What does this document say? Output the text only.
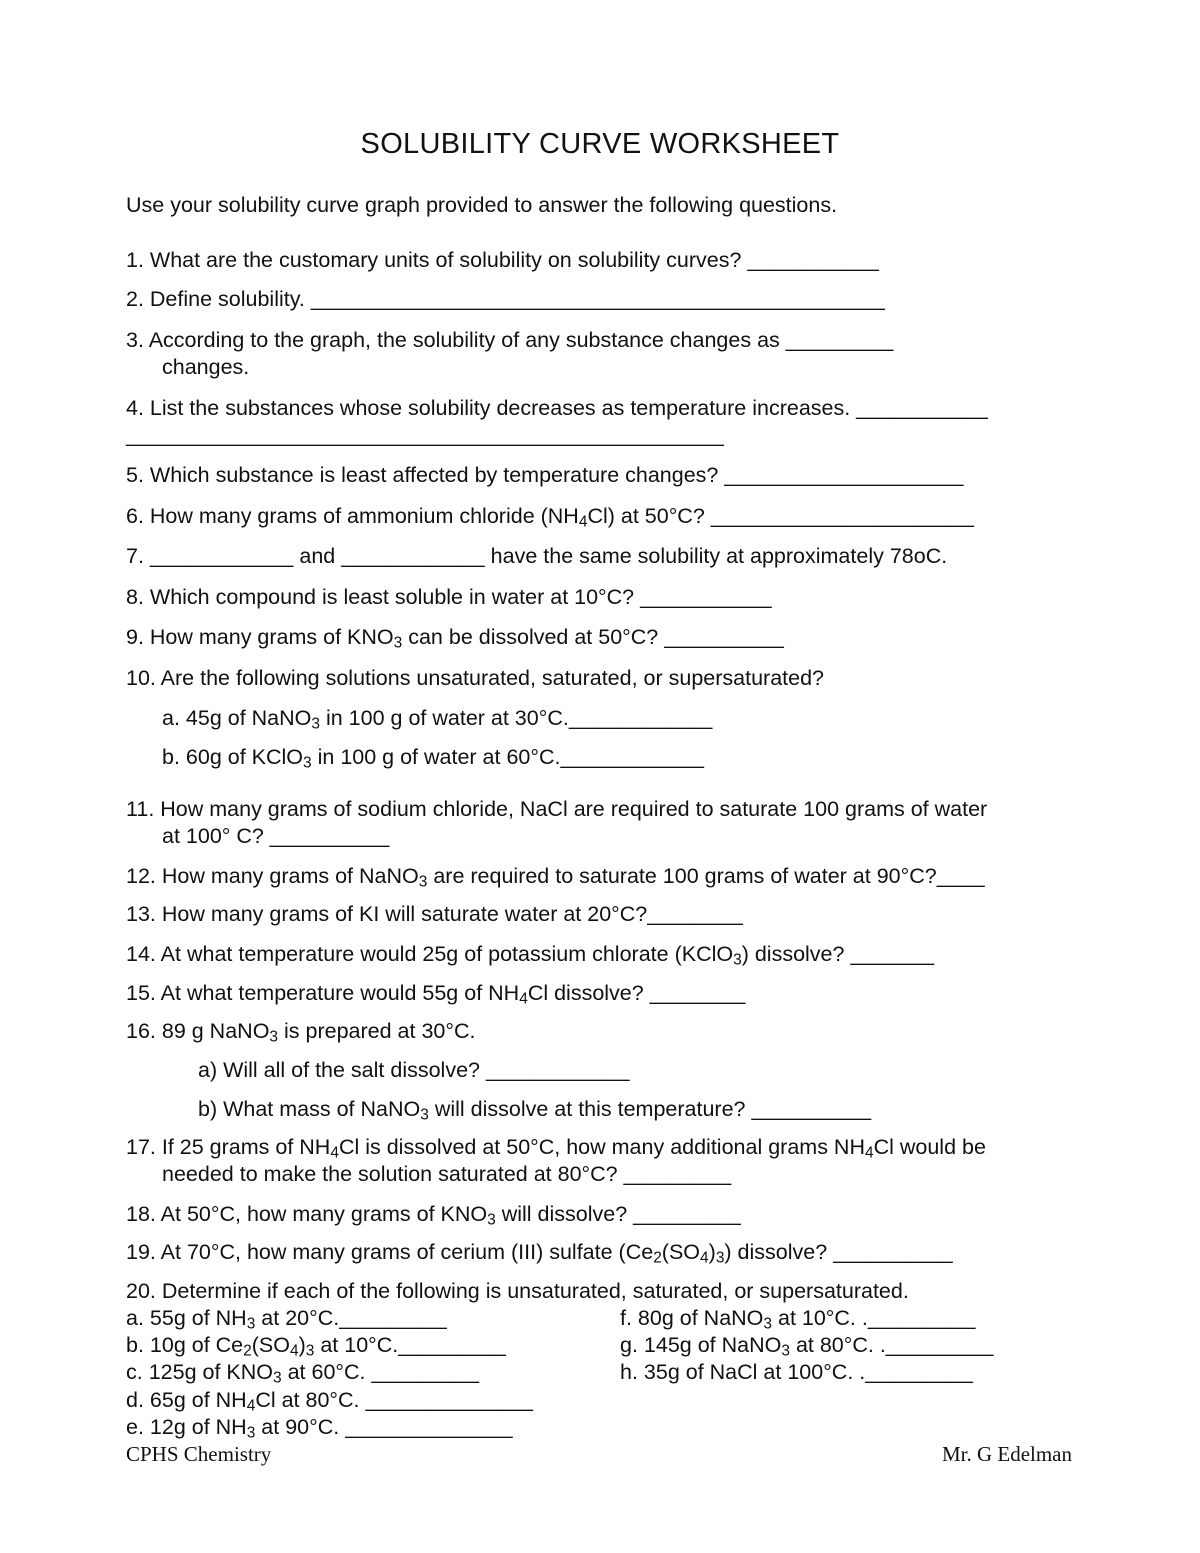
SOLUBILITY CURVE WORKSHEET
Use your solubility curve graph provided to answer the following questions.
1. What are the customary units of solubility on solubility curves? ___________
2. Define solubility. ________________________________________________
3. According to the graph, the solubility of any substance changes as _________
changes.
4. List the substances whose solubility decreases as temperature increases. ___________
__________________________________________________
5. Which substance is least affected by temperature changes? ____________________
6. How many grams of ammonium chloride $(NH_4Cl)$ at 50°C? ______________________
7. ____________ and ____________ have the same solubility at approximately 78oC.
8. Which compound is least soluble in water at 10°C? ___________
9. How many grams of $KNO_3$ can be dissolved at 50°C? __________
10. Are the following solutions unsaturated, saturated, or supersaturated?
a. 45g of NaNO$_3$ in 100 g of water at 30°C.____________
b. 60g of KClO$_3$ in 100 g of water at 60°C.____________
11. How many grams of sodium chloride, NaCl are required to saturate 100 grams of water
at 100° C? __________
12. How many grams of NaNO$_3$ are required to saturate 100 grams of water at 90°C?____
13. How many grams of KI will saturate water at 20°C?________
14. At what temperature would 25g of potassium chlorate (KClO$_3$) dissolve? _______
15. At what temperature would 55g of $NH_4Cl$ dissolve? ________
16. 89 g NaNO$_3$ is prepared at 30°C.
a) Will all of the salt dissolve? ____________
b) What mass of NaNO$_3$ will dissolve at this temperature? __________
17. If 25 grams of $NH_4Cl$ is dissolved at 50°C, how many additional grams $NH_4Cl$ would be
needed to make the solution saturated at 80°C? _________
18. At 50°C, how many grams of $KNO_3$ will dissolve? _________
19. At 70°C, how many grams of cerium (III) sulfate $(Ce_2(SO_4)_3)$ dissolve? __________
20. Determine if each of the following is unsaturated, saturated, or supersaturated.
a. 55g of $NH_3$ at 20°C._________
b. 10g of $Ce_2(SO_4)_3$ at 10°C._________
c. 125g of $KNO_3$ at 60°C. _________
d. 65g of $NH_4Cl$ at 80°C. ______________
e. 12g of $NH_3$ at 90°C. ______________
f. 80g of NaNO$_3$ at 10°C. ._________
g. 145g of NaNO$_3$ at 80°C. ._________
h. 35g of NaCl at 100°C. ._________
CPHS Chemistry	Mr. G Edelman
